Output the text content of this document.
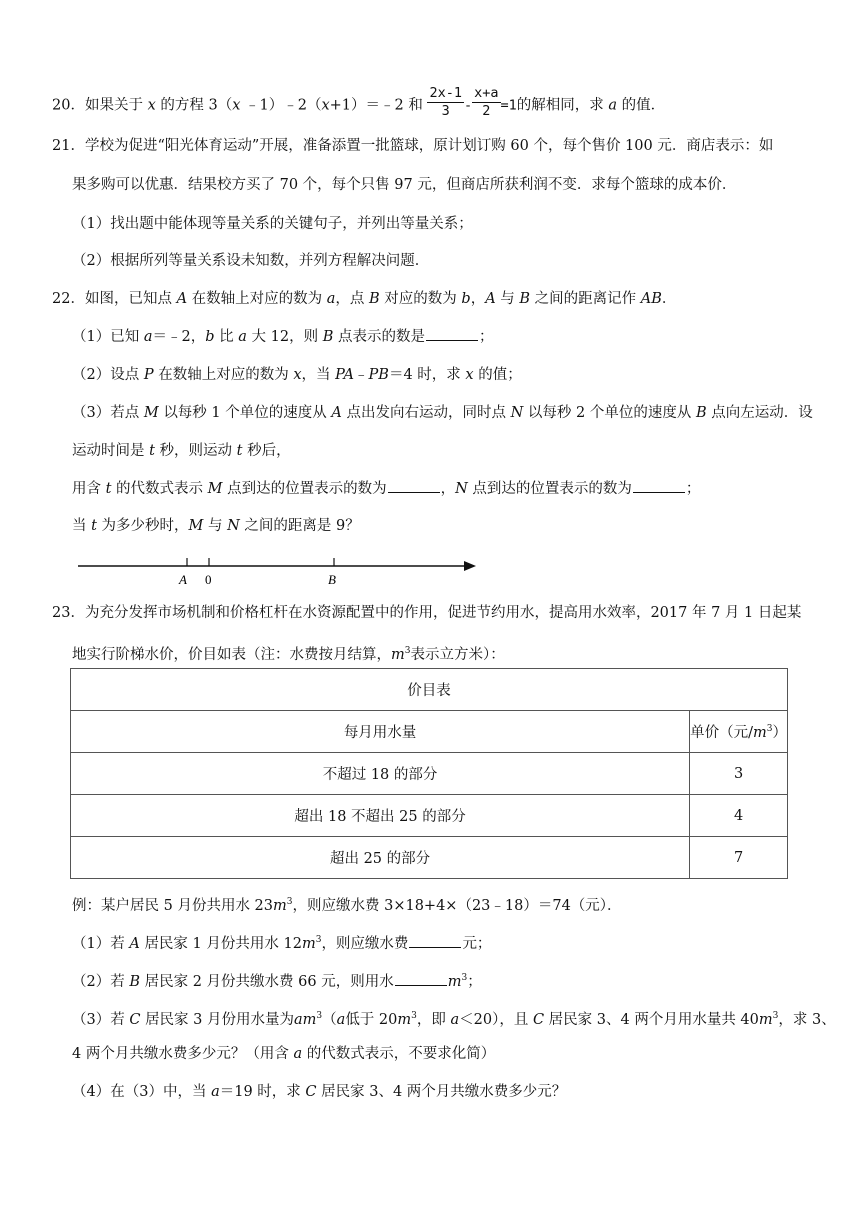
20．如果关于 x 的方程 3（x ﹣1）﹣2（x+1）＝﹣2 和 $\frac{2x-1}{3} - \frac{x+a}{2} =1$的解相同，求 a 的值．
21．学校为促进“阳光体育运动”开展，准备添置一批篮球，原计划订购 60 个，每个售价 100 元．商店表示：如
果多购可以优惠．结果校方买了 70 个，每个只售 97 元，但商店所获利润不变．求每个篮球的成本价．
（1）找出题中能体现等量关系的关键句子，并列出等量关系；
（2）根据所列等量关系设未知数，并列方程解决问题．
22．如图，已知点 A 在数轴上对应的数为 a，点 B 对应的数为 b，A 与 B 之间的距离记作 AB．
（1）已知 a＝﹣2，b 比 a 大 12，则 B 点表示的数是	；
（2）设点 P 在数轴上对应的数为 x，当 PA﹣PB＝4 时，求 x 的值；
（3）若点 M 以每秒 1 个单位的速度从 A 点出发向右运动，同时点 N 以每秒 2 个单位的速度从 B 点向左运动．设
运动时间是 t 秒，则运动 t 秒后，
用含 t 的代数式表示 M 点到达的位置表示的数为	，N 点到达的位置表示的数为	；
当 t 为多少秒时，M 与 N 之间的距离是 9？
A 0	B
23．为充分发挥市场机制和价格杠杆在水资源配置中的作用，促进节约用水，提高用水效率，2017 年 7 月 1 日起某
地实行阶梯水价，价目如表（注：水费按月结算，$m^3$表示立方米）：
价目表	
每月用水量	单价（元$/m^3$）
不超过 18 的部分	3
超出 18 不超出 25 的部分	4
超出 25 的部分	7
例：某户居民 5 月份共用水 $23m^3$，则应缴水费 3×18+4×（23﹣18）＝74（元）．
（1）若 A 居民家 1 月份共用水 $12m^3$，则应缴水费	元；
（2）若 B 居民家 2 月份共缴水费 66 元，则用水	$m^3$；
（3）若 C 居民家 3 月份用水量为$am^3(a$低于 $20m^3$，即 a＜20），且 C 居民家 3、4 两个月用水量共 $40m^3$，求 3、
4 两个月共缴水费多少元？（用含 a 的代数式表示，不要求化简）
（4）在（3）中，当 a＝19 时，求 C 居民家 3、4 两个月共缴水费多少元？
